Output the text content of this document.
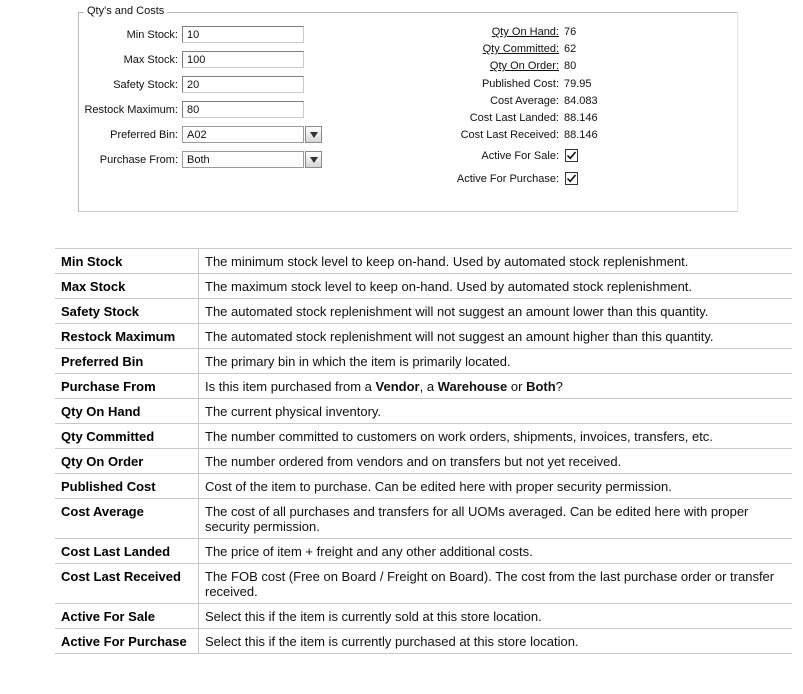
Qty's and Costs
Min Stock: 10
Max Stock: 100
Safety Stock: 20
Restock Maximum: 80
Preferred Bin: A02
Purchase From: Both
Qty On Hand: 76
Qty Committed: 62
Qty On Order: 80
Published Cost: 79.95
Cost Average: 84.083
Cost Last Landed: 88.146
Cost Last Received: 88.146
Active For Sale:
Active For Purchase:
Min Stock	The minimum stock level to keep on-hand. Used by automated stock replenishment.
Max Stock	The maximum stock level to keep on-hand. Used by automated stock replenishment.
Safety Stock	The automated stock replenishment will not suggest an amount lower than this quantity.
Restock Maximum	The automated stock replenishment will not suggest an amount higher than this quantity.
Preferred Bin	The primary bin in which the item is primarily located.
Purchase From	Is this item purchased from a Vendor, a Warehouse or Both?
Qty On Hand	The current physical inventory.
Qty Committed	The number committed to customers on work orders, shipments, invoices, transfers, etc.
Qty On Order	The number ordered from vendors and on transfers but not yet received.
Published Cost	Cost of the item to purchase. Can be edited here with proper security permission.
Cost Average	The cost of all purchases and transfers for all UOMs averaged. Can be edited here with proper security permission.
Cost Last Landed	The price of item + freight and any other additional costs.
Cost Last Received	The FOB cost (Free on Board / Freight on Board). The cost from the last purchase order or transfer received.
Active For Sale	Select this if the item is currently sold at this store location.
Active For Purchase	Select this if the item is currently purchased at this store location.
